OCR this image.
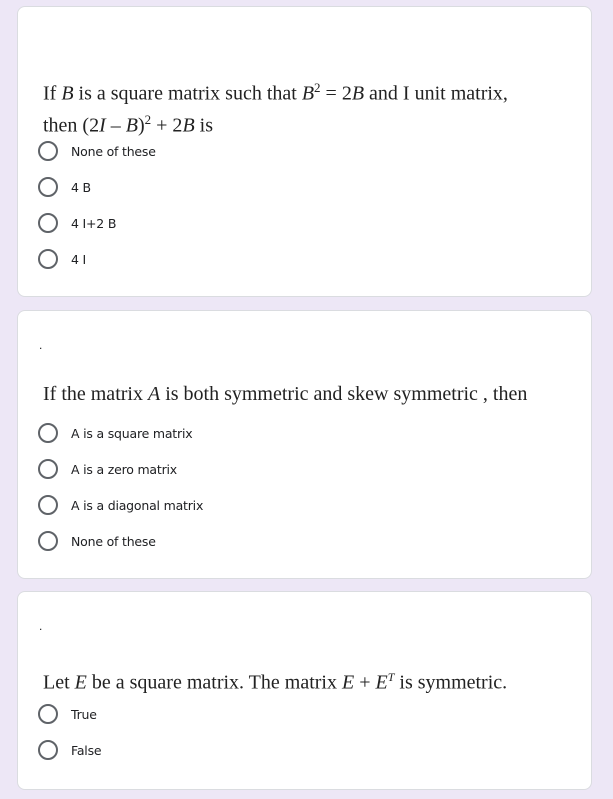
If B is a square matrix such that $B^2 = 2B$ and I unit matrix,
then (2I – B)$^2$ + 2B is
None of these
4 B
4 I+2 B
4 I
.
If the matrix A is both symmetric and skew symmetric , then
A is a square matrix
A is a zero matrix
A is a diagonal matrix
None of these
.
Let E be a square matrix. The matrix $E + E^T$ is symmetric.
True
False
